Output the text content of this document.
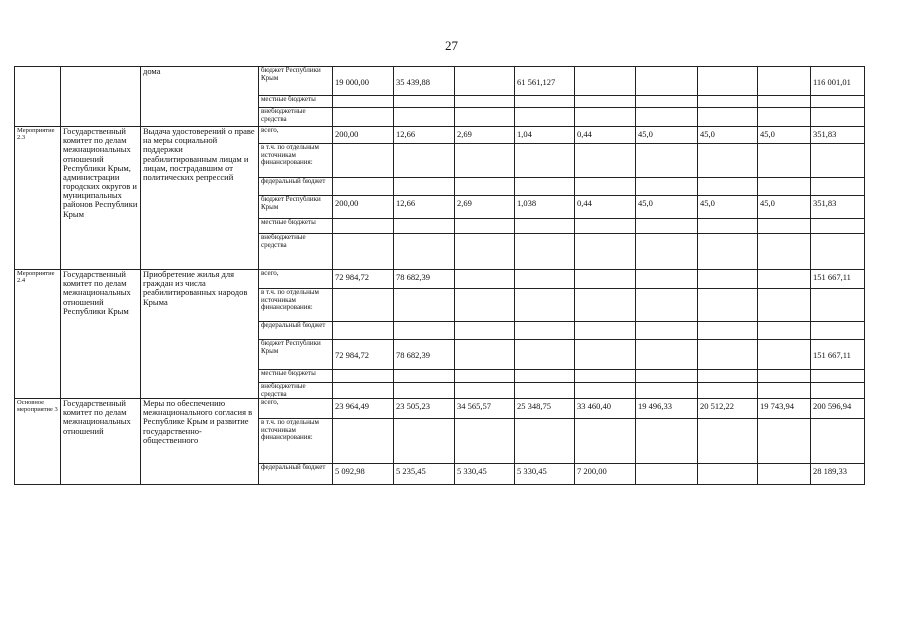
27
		дома	бюджет Республики Крым	19 000,00	35 439,88		61 561,127					116 001,01
			местные бюджеты									
			внебюджетные средства									
Мероприятие 2.3	Государственный комитет по делам межнациональных отношений Республики Крым, администрации городских округов и муниципальных районов Республики Крым	Выдача удостоверений о праве на меры социальной поддержки реабилитированным лицам и лицам, пострадавшим от политических репрессий	всего,	200,00	12,66	2,69	1,04	0,44	45,0	45,0	45,0	351,83
			в т.ч. по отдельным источникам финансирования:									
			федеральный бюджет									
			бюджет Республики Крым	200,00	12,66	2,69	1,038	0,44	45,0	45,0	45,0	351,83
			местные бюджеты									
			внебюджетные средства									
Мероприятие 2.4	Государственный комитет по делам межнациональных отношений Республики Крым	Приобретение жилья для граждан из числа реабилитированных народов Крыма	всего,	72 984,72	78 682,39							151 667,11
			в т.ч. по отдельным источникам финансирования:									
			федеральный бюджет									
			бюджет Республики Крым	72 984,72	78 682,39							151 667,11
			местные бюджеты									
			внебюджетные средства									
Основное мероприятие 3	Государственный комитет по делам межнациональных отношений	Меры по обеспечению межнационального согласия в Республике Крым и развитие государственно-общественного	всего,	23 964,49	23 505,23	34 565,57	25 348,75	33 460,40	19 496,33	20 512,22	19 743,94	200 596,94
			в т.ч. по отдельным источникам финансирования:									
			федеральный бюджет	5 092,98	5 235,45	5 330,45	5 330,45	7 200,00				28 189,33
